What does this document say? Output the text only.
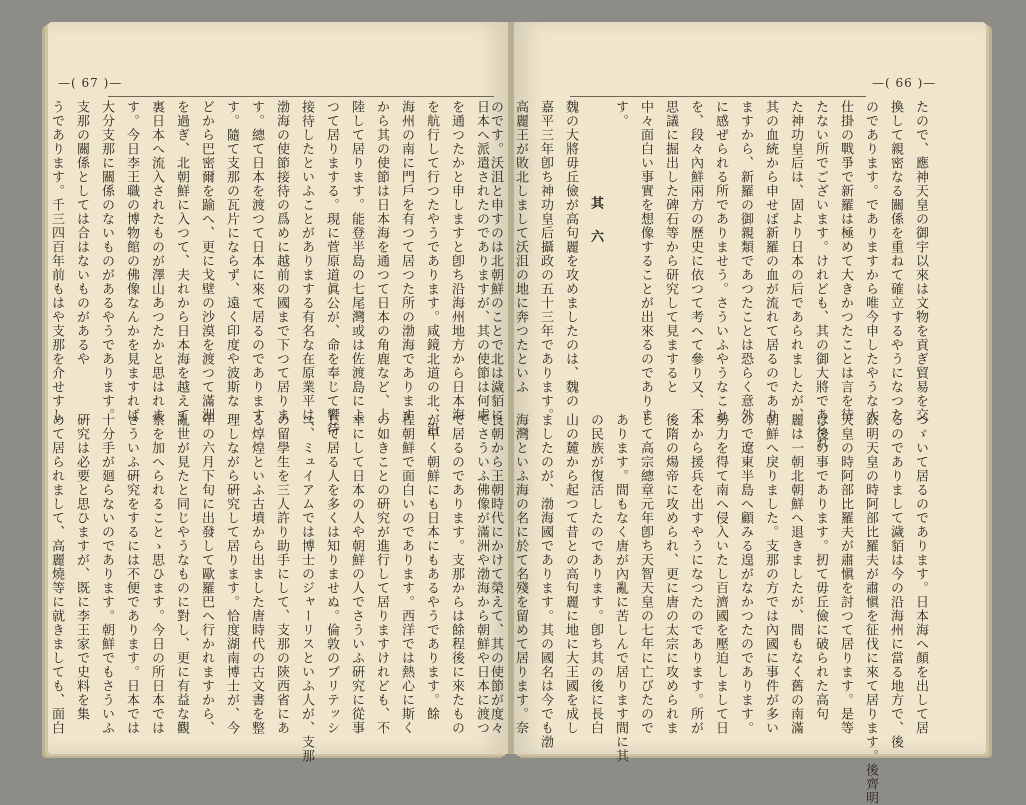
—( 67 )—	—( 66 )—
たので、應神天皇の御宇以來は文物を貢ぎ貿易を交
換して親密なる關係を重ねて確立するやうになつた
のであります。でありますから唯今申したやうな大
仕掛の戰爭で新羅は極めて大きかつたことは言を待
たない所でございます。けれども、其の御大將であられ
た神功皇后は、固より日本の后であられましたが、
其の血統から申せば新羅の血が流れて居るのであり
ますから、新羅の御親類であつたことは恐らく意外
に感ぜられる所でありませう。さういふやうなこと
を、段々內鮮兩方の歷史に依つて考へて參り又、不
思議に掘出した碑石等から研究して見ますると
中々面白い事實を想像することが出來るのでありま
す。
其 六
魏の大將毋丘儉が高句麗を攻めましたのは、魏の
嘉平三年卽ち神功皇后攝政の五十三年であります。
高麗王が敗北しまして沃沮の地に奔つたといふ
のです。沃沮と申すのは北朝鮮のことで北は濊貊に
つゞいて居るのであります。日本海へ顏を出して居
るのでありまして濊貊は今の沿海州に當る地方で、後
欽明天皇の時阿部比羅夫が肅愼を征伐に來て居ります。後齊明
天皇の時阿部比羅夫が肅愼を討つて居ります。是等
は後の事であります。扨て毋丘儉に破られた高句
麗は一朝北朝鮮へ退きましたが、間もなく舊の南滿
朝鮮へ戾りました。支那の方では內國に事件が多い
ので遼東半島へ顧みる遑がなかつたのであります。
勢力を得て南へ侵入いたし百濟國を壓迫しまして日
本から援兵を出すやうになつたのであります。所が
後隋の煬帝に攻められ、更に唐の太宗に攻められま
して高宗總章元年卽ち天智天皇の七年に亡びたので
あります。間もなく唐が內亂に苦しんで居ります間に其
の民族が復活したのであります。卽ち其の後に長白
山の麓から起つて昔との高句麗に地に大王國を成し
ましたのが、渤海國であります。其の國名は今でも渤
海灣といふ海の名に於て名殘を留めて居ります。奈
良朝から王朝時代にかけて榮えて、其の使節が度々
日本へ派遣されたのでありますが、其の使節は何處
を通つたかと申しますと卽ち沿海州地方から日本海
を航行して行つたやうであります。咸鏡北道の北、沿
海州の南に門戶を有つて居つた所の渤海であります
から其の使節は日本海を通つて日本の角鹿など、上
陸して居ります。能登半島の七尾灣或は佐渡島によ
つて居りまする。現に菅原道眞公が、命を奉じて饗待
接待したといふことがありまする有名な在原業平は、
渤海の使節接待の爲めに越前の國まで下つて居りま
す。總て日本を渡つて日本に來て居るのであります
す。隨て支那の瓦片にならず、遠く印度や波斯な
どから巴密爾を踰へ、更に戈壁の沙漠を渡つて滿洲
を過ぎ、北朝鮮に入つて、夫れから日本海を越えて
裏日本へ流入されたものが澤山あつたかと思はれま
す。今日李王職の博物館の佛像なんかを見ますれば
大分支那に關係のないものがあるやうであります。
支那の關係としては合はないものがあるや
うであります。千三四百年前もはや支那を介せすし
てさういふ佛像が滿洲や渤海から朝鮮や日本に渡つ
て居るのであります。支那からは餘程後に來たもの
が早く朝鮮にも日本にもあるやうであります。餘
程朝鮮で面白いのであります。西洋では熱心に斯く
の如きことの硏究が進行して居りますけれども、不
幸にして日本の人や朝鮮の人でさういふ硏究に從事
して居る人を多くは知りませぬ。倫敦のブリテッシ
ユ、ミュイアムでは博士のジャーリスといふ人が、支那
の留學生を三人許り助手にして、支那の陝西省にあ
る焞煌といふ古墳から出ました唐時代の古文書を整
理しながら硏究して居ります。恰度湖南博士が、今
年の六月下旬に出發して歐羅巴へ行かれますから、
亂世が見たと同じやうなものに對し、更に有益な觀
察を加へられることゝ思ひます。今日の所日本では
さういふ硏究をするには不便であります。日本では
十分手が廻らないのであります。朝鮮でもさういふ
硏究は必要と思ひますが、既に李王家で史料を集
めて居られまして、高麗燒等に就きましても、面白
